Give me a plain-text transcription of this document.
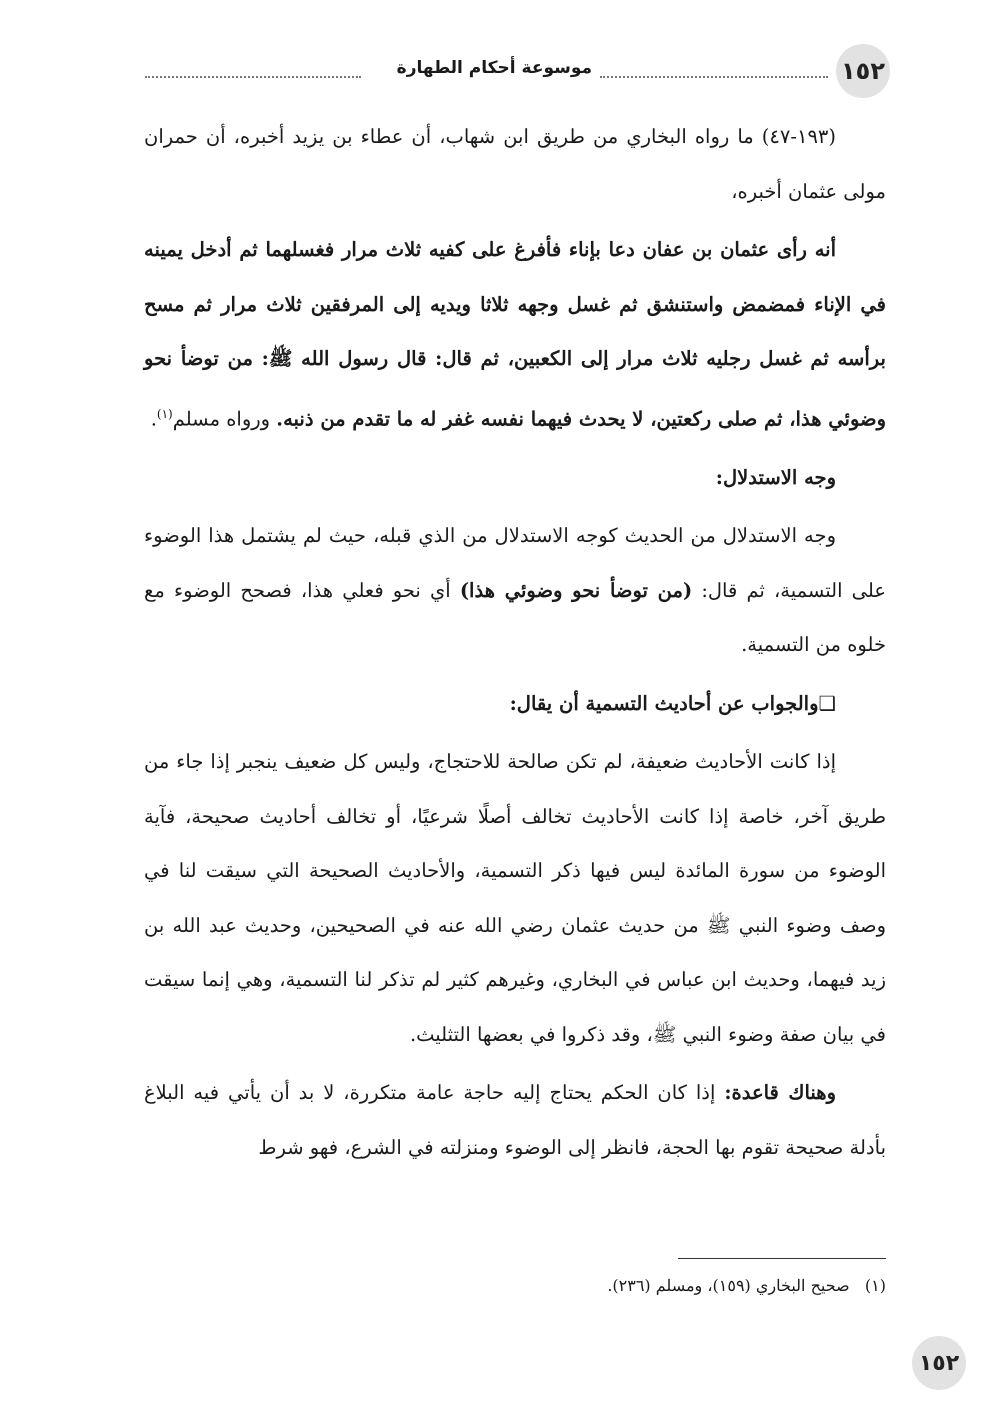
١٥٢
موسوعة أحكام الطهارة

(١٩٣-٤٧) ما رواه البخاري من طريق ابن شهاب، أن عطاء بن يزيد أخبره، أن حمران مولى عثمان أخبره،

أنه رأى عثمان بن عفان دعا بإناء فأفرغ على كفيه ثلاث مرار فغسلهما ثم أدخل يمينه في الإناء فمضمض واستنشق ثم غسل وجهه ثلاثا ويديه إلى المرفقين ثلاث مرار ثم مسح برأسه ثم غسل رجليه ثلاث مرار إلى الكعبين، ثم قال: قال رسول الله ﷺ: من توضأ نحو وضوئي هذا، ثم صلى ركعتين، لا يحدث فيهما نفسه غفر له ما تقدم من ذنبه. ورواه مسلم$^{(١)}$.

وجه الاستدلال:

وجه الاستدلال من الحديث كوجه الاستدلال من الذي قبله، حيث لم يشتمل هذا الوضوء على التسمية، ثم قال: (من توضأ نحو وضوئي هذا) أي نحو فعلي هذا، فصحح الوضوء مع خلوه من التسمية.

❑والجواب عن أحاديث التسمية أن يقال:

إذا كانت الأحاديث ضعيفة، لم تكن صالحة للاحتجاج، وليس كل ضعيف ينجبر إذا جاء من طريق آخر، خاصة إذا كانت الأحاديث تخالف أصلًا شرعيًا، أو تخالف أحاديث صحيحة، فآية الوضوء من سورة المائدة ليس فيها ذكر التسمية، والأحاديث الصحيحة التي سيقت لنا في وصف وضوء النبي ﷺ من حديث عثمان رضي الله عنه في الصحيحين، وحديث عبد الله بن زيد فيهما، وحديث ابن عباس في البخاري، وغيرهم كثير لم تذكر لنا التسمية، وهي إنما سيقت في بيان صفة وضوء النبي ﷺ، وقد ذكروا في بعضها التثليث.

وهناك قاعدة: إذا كان الحكم يحتاج إليه حاجة عامة متكررة، لا بد أن يأتي فيه البلاغ بأدلة صحيحة تقوم بها الحجة، فانظر إلى الوضوء ومنزلته في الشرع، فهو شرط

(١)   صحيح البخاري (١٥٩)، ومسلم (٢٣٦).
١٥٢
